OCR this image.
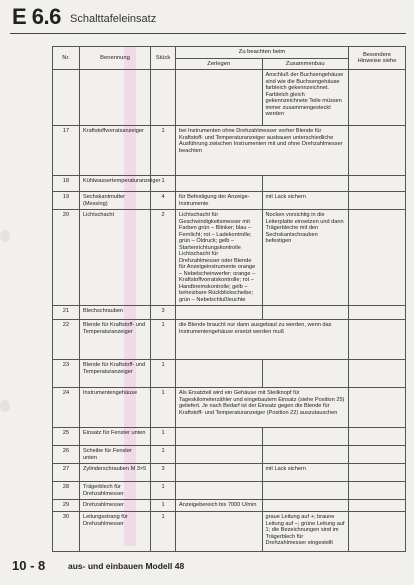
E 6.6 Schalttafeleinsatz
Nr.	Benennung	Stück	Zu beachten beim		Besondere Hinweise siehe
			Zerlegen	Zusammenbau	
				Anschluß der Buchsengehäuse sind wie die Buchsengehäuse farbleich gekennzeichnet. Farbleich gleich gekennzeichnete Teile müssen immer zusammengesteckt werden	
17	Kraftstoffvorratsanzeiger	1	bei Instrumenten ohne Drehzahlmesser vorher Blende für Kraftstoff- und Temperaturanzeiger ausbauen unterschiedliche Ausführung zwischen Instrumenten mit und ohne Drehzahlmesser beachten		
18	Kühlwassertemperaturanzeiger	1			
19	Sechskantmutter (Messing)	4	für Befestigung der Anzeige-Instrumente	mit Lack sichern	
20	Lichtschacht	2	Lichtschacht für Geschwindigkeitsmesser mit Farben grün – Blinker; blau – Fernlicht; rot – Ladekontrolle; grün – Öldruck; gelb – Startenrichtungskontrolle Lichtschacht für Drehzahlmesser oder Blende für Anzeigeinstrumente orange – Nebelscheinwerfer; orange – Kraftstoffvorratskontrolle; rot – Handbremskontrolle; gelb – beheizbare Rückblickscheibe; grün – Nebelschlußleuchte	Nocken vorsichtig in die Leiterplatte einsetzen und dann Trägerbleche mit den Sechskantschrauben befestigen	
21	Blechschrauben	3			
22	Blende für Kraftstoff- und Temperaturanzeiger	1	die Blende braucht nur dann ausgebaut zu werden, wenn das Instrumentengehäuse ersetzt werden muß		
23	Blende für Kraftstoff- und Temperaturanzeiger	1			
24	Instrumentengehäuse	1	Als Ersatzteil wird ein Gehäuse mit Steilknopf für Tageskilometerzähler und eingebautem Einsatz (siehe Position 25) geliefert. Je nach Bedarf ist der Einsatz gegen die Blende für Kraftstoff- und Temperaturanzeiger (Position 22) auszutauschen		
25	Einsatz für Fenster unten	1			
26	Scheibe für Fenster unten	1			
27	Zylinderschrauben M 3×5	3		mit Lack sichern	
28	Trägerblech für Drehzahlmesser	1			
29	Drehzahlmesser	1	Anzeigebereich bis 7000 U/min		
30	Leitungsstrang für Drehzahlmesser	1		graue Leitung auf +; braune Leitung auf –; grüne Leitung auf 1; die Bezeichnungen sind im Trägerblech für Drehzahlmesser eingestellt	
10 - 8	aus- und einbauen Modell 48
